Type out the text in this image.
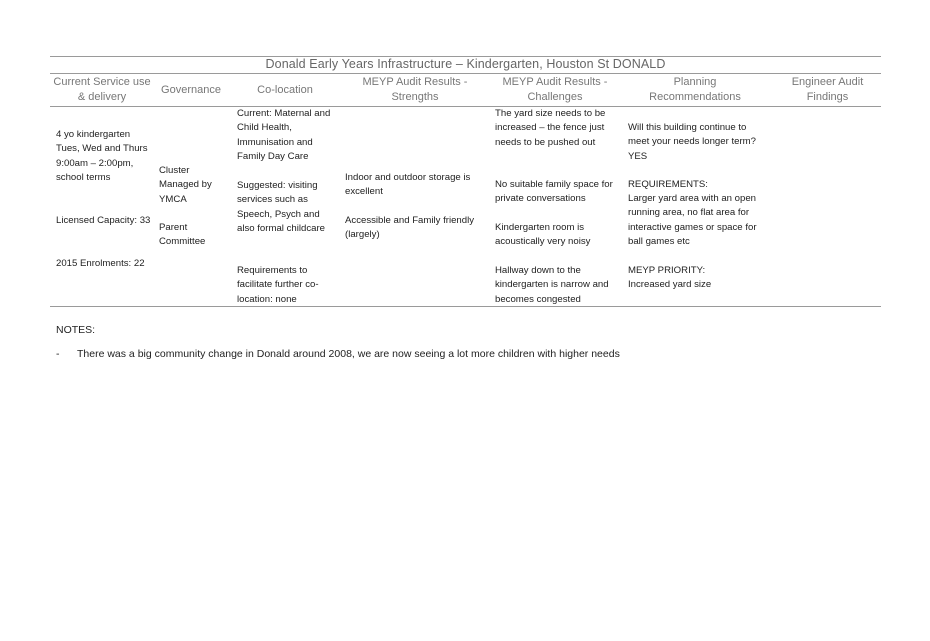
Donald Early Years Infrastructure – Kindergarten, Houston St DONALD
Current Service use & delivery
Governance	Co-location
MEYP Audit Results - Strengths
MEYP Audit Results - Challenges
Planning Recommendations
Engineer Audit Findings
4 yo kindergarten Tues, Wed and Thurs 9:00am – 2:00pm, school terms
Licensed Capacity: 33
2015 Enrolments: 22
Cluster Managed by YMCA
Parent Committee
Current: Maternal and Child Health, Immunisation and Family Day Care
Suggested: visiting services such as Speech, Psych and also formal childcare
Requirements to facilitate further co-location: none
Indoor and outdoor storage is excellent
Accessible and Family friendly (largely)
The yard size needs to be increased – the fence just needs to be pushed out
No suitable family space for private conversations
Kindergarten room is acoustically very noisy
Hallway down to the kindergarten is narrow and becomes congested
Will this building continue to meet your needs longer term? YES
REQUIREMENTS:
Larger yard area with an open running area, no flat area for interactive games or space for ball games etc
MEYP PRIORITY:
Increased yard size
NOTES:
- There was a big community change in Donald around 2008, we are now seeing a lot more children with higher needs
